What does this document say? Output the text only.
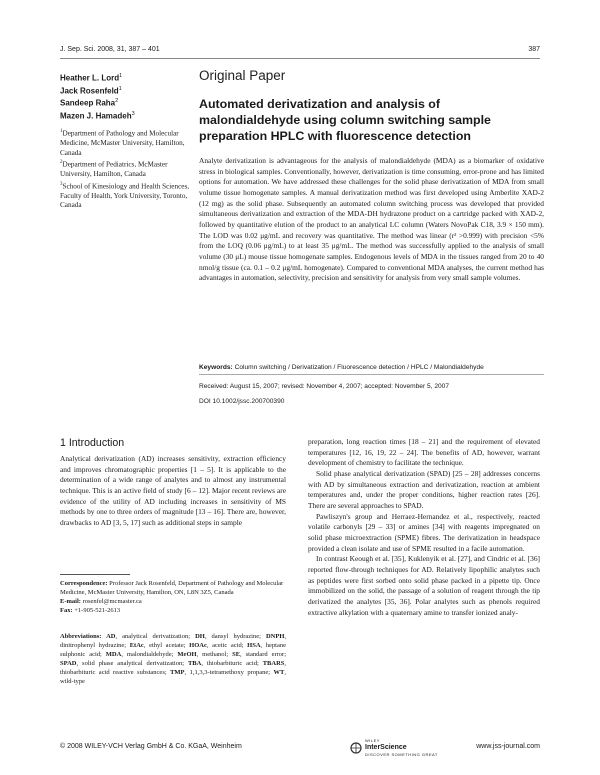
J. Sep. Sci. 2008, 31, 387 – 401	387
Heather L. Lord$^1$
Jack Rosenfeld$^1$
Sandeep Raha$^2$
Mazen J. Hamadeh$^3$
$^1$Department of Pathology and Molecular Medicine, McMaster University, Hamilton, Canada
$^2$Department of Pediatrics, McMaster University, Hamilton, Canada
$^3$School of Kinesiology and Health Sciences, Faculty of Health, York University, Toronto, Canada
Original Paper
Automated derivatization and analysis of malondialdehyde using column switching sample preparation HPLC with fluorescence detection
Analyte derivatization is advantageous for the analysis of malondialdehyde (MDA) as a biomarker of oxidative stress in biological samples. Conventionally, however, derivatization is time consuming, error-prone and has limited options for automation. We have addressed these challenges for the solid phase derivatization of MDA from small volume tissue homogenate samples. A manual derivatization method was first developed using Amberlite XAD-2 (12 mg) as the solid phase. Subsequently an automated column switching process was developed that provided simultaneous derivatization and extraction of the MDA-DH hydrazone product on a cartridge packed with XAD-2, followed by quantitative elution of the product to an analytical LC column (Waters NovoPak C18, 3.9 × 150 mm). The LOD was 0.02 μg/mL and recovery was quantitative. The method was linear (r² >0.999) with precision <5% from the LOQ (0.06 μg/mL) to at least 35 μg/mL. The method was successfully applied to the analysis of small volume (30 μL) mouse tissue homogenate samples. Endogenous levels of MDA in the tissues ranged from 20 to 40 nmol/g tissue (ca. 0.1 – 0.2 μg/mL homogenate). Compared to conventional MDA analyses, the current method has advantages in automation, selectivity, precision and sensitivity for analysis from very small sample volumes.
Keywords: Column switching / Derivatization / Fluorescence detection / HPLC / Malondialdehyde
Received: August 15, 2007; revised: November 4, 2007; accepted: November 5, 2007
DOI 10.1002/jssc.200700390
1 Introduction
Analytical derivatization (AD) increases sensitivity, extraction efficiency and improves chromatographic properties [1 – 5]. It is applicable to the determination of a wide range of analytes and to almost any instrumental technique. This is an active field of study [6 – 12]. Major recent reviews are evidence of the utility of AD including increases in sensitivity of MS methods by one to three orders of magnitude [13 – 16]. There are, however, drawbacks to AD [3, 5, 17] such as additional steps in sample

preparation, long reaction times [18 – 21] and the requirement of elevated temperatures [12, 16, 19, 22 – 24]. The benefits of AD, however, warrant development of chemistry to facilitate the technique.

Solid phase analytical derivatization (SPAD) [25 – 28] addresses concerns with AD by simultaneous extraction and derivatization, reaction at ambient temperatures and, under the proper conditions, higher reaction rates [26]. There are several approaches to SPAD.

Pawliszyn's group and Herraez-Hernandez et al., respectively, reacted volatile carbonyls [29 – 33] or amines [34] with reagents impregnated on solid phase microextraction (SPME) fibres. The derivatization in headspace provided a clean isolate and use of SPME resulted in a facile automation.

In contrast Keough et al. [35], Kuklenyik et al. [27], and Cindric et al. [36] reported flow-through techniques for AD. Relatively lipophilic analytes such as peptides were first sorbed onto solid phase packed in a pipette tip. Once immobilized on the solid, the passage of a solution of reagent through the tip derivatized the analytes [35, 36]. Polar analytes such as phenols required extractive alkylation with a quaternary amine to transfer ionized analy-

Correspondence: Professor Jack Rosenfeld, Department of Pathology and Molecular Medicine, McMaster University, Hamilton, ON, L8N 3Z5, Canada
E-mail: rosenfel@mcmaster.ca
Fax: +1-905-521-2613
Abbreviations: AD, analytical derivatization; DH, dansyl hydrazine; DNPH, dinitrophenyl hydrazine; EtAc, ethyl acetate; HOAc, acetic acid; HSA, heptane sulphonic acid; MDA, malondialdehyde; MeOH, methanol; SE, standard error; SPAD, solid phase analytical derivatization; TBA, thiobarbituric acid; TBARS, thiobarbituric acid reactive substances; TMP, 1,1,3,3-tetramethoxy propane; WT, wild-type
© 2008 WILEY-VCH Verlag GmbH & Co. KGaA, Weinheim
WILEY
InterScience
DISCOVER SOMETHING GREAT
www.jss-journal.com
